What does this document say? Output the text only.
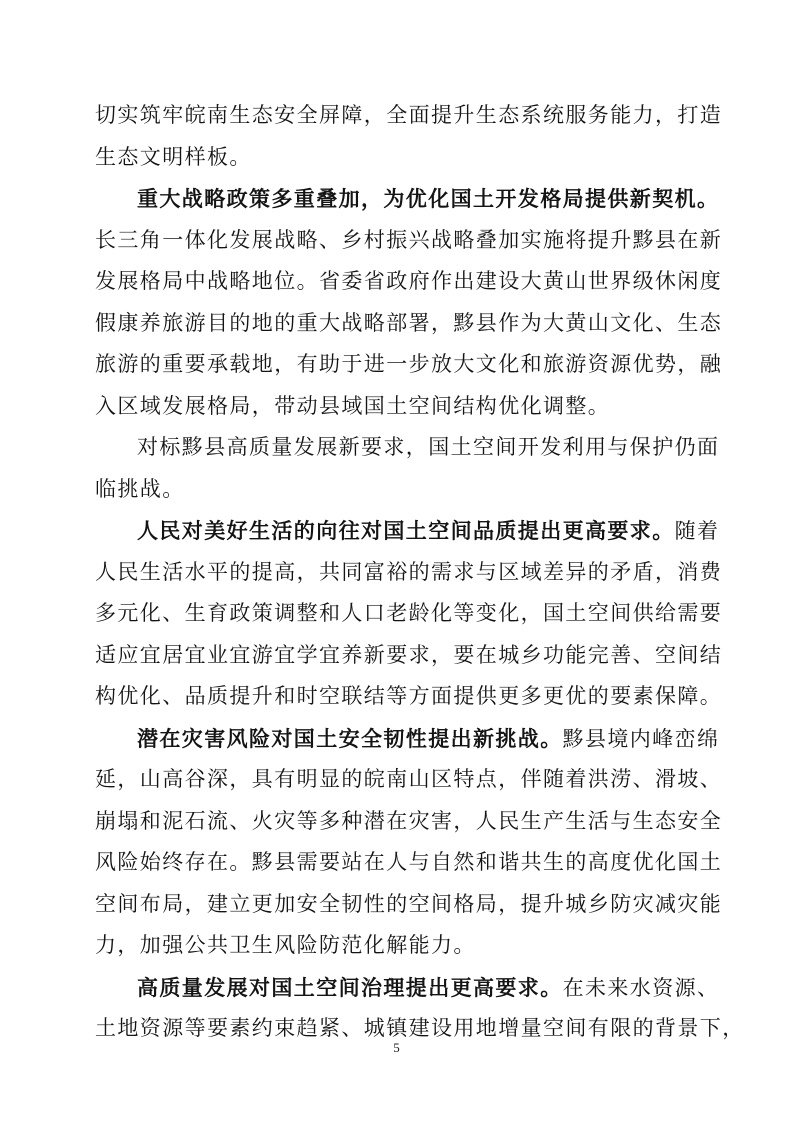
切实筑牢皖南生态安全屏障，全面提升生态系统服务能力，打造
生态文明样板。
重大战略政策多重叠加，为优化国土开发格局提供新契机。
长三角一体化发展战略、乡村振兴战略叠加实施将提升黟县在新
发展格局中战略地位。省委省政府作出建设大黄山世界级休闲度
假康养旅游目的地的重大战略部署，黟县作为大黄山文化、生态
旅游的重要承载地，有助于进一步放大文化和旅游资源优势，融
入区域发展格局，带动县域国土空间结构优化调整。
对标黟县高质量发展新要求，国土空间开发利用与保护仍面
临挑战。
人民对美好生活的向往对国土空间品质提出更高要求。随着
人民生活水平的提高，共同富裕的需求与区域差异的矛盾，消费
多元化、生育政策调整和人口老龄化等变化，国土空间供给需要
适应宜居宜业宜游宜学宜养新要求，要在城乡功能完善、空间结
构优化、品质提升和时空联结等方面提供更多更优的要素保障。
潜在灾害风险对国土安全韧性提出新挑战。黟县境内峰峦绵
延，山高谷深，具有明显的皖南山区特点，伴随着洪涝、滑坡、
崩塌和泥石流、火灾等多种潜在灾害，人民生产生活与生态安全
风险始终存在。黟县需要站在人与自然和谐共生的高度优化国土
空间布局，建立更加安全韧性的空间格局，提升城乡防灾减灾能
力，加强公共卫生风险防范化解能力。
高质量发展对国土空间治理提出更高要求。在未来水资源、
土地资源等要素约束趋紧、城镇建设用地增量空间有限的背景下，
5
